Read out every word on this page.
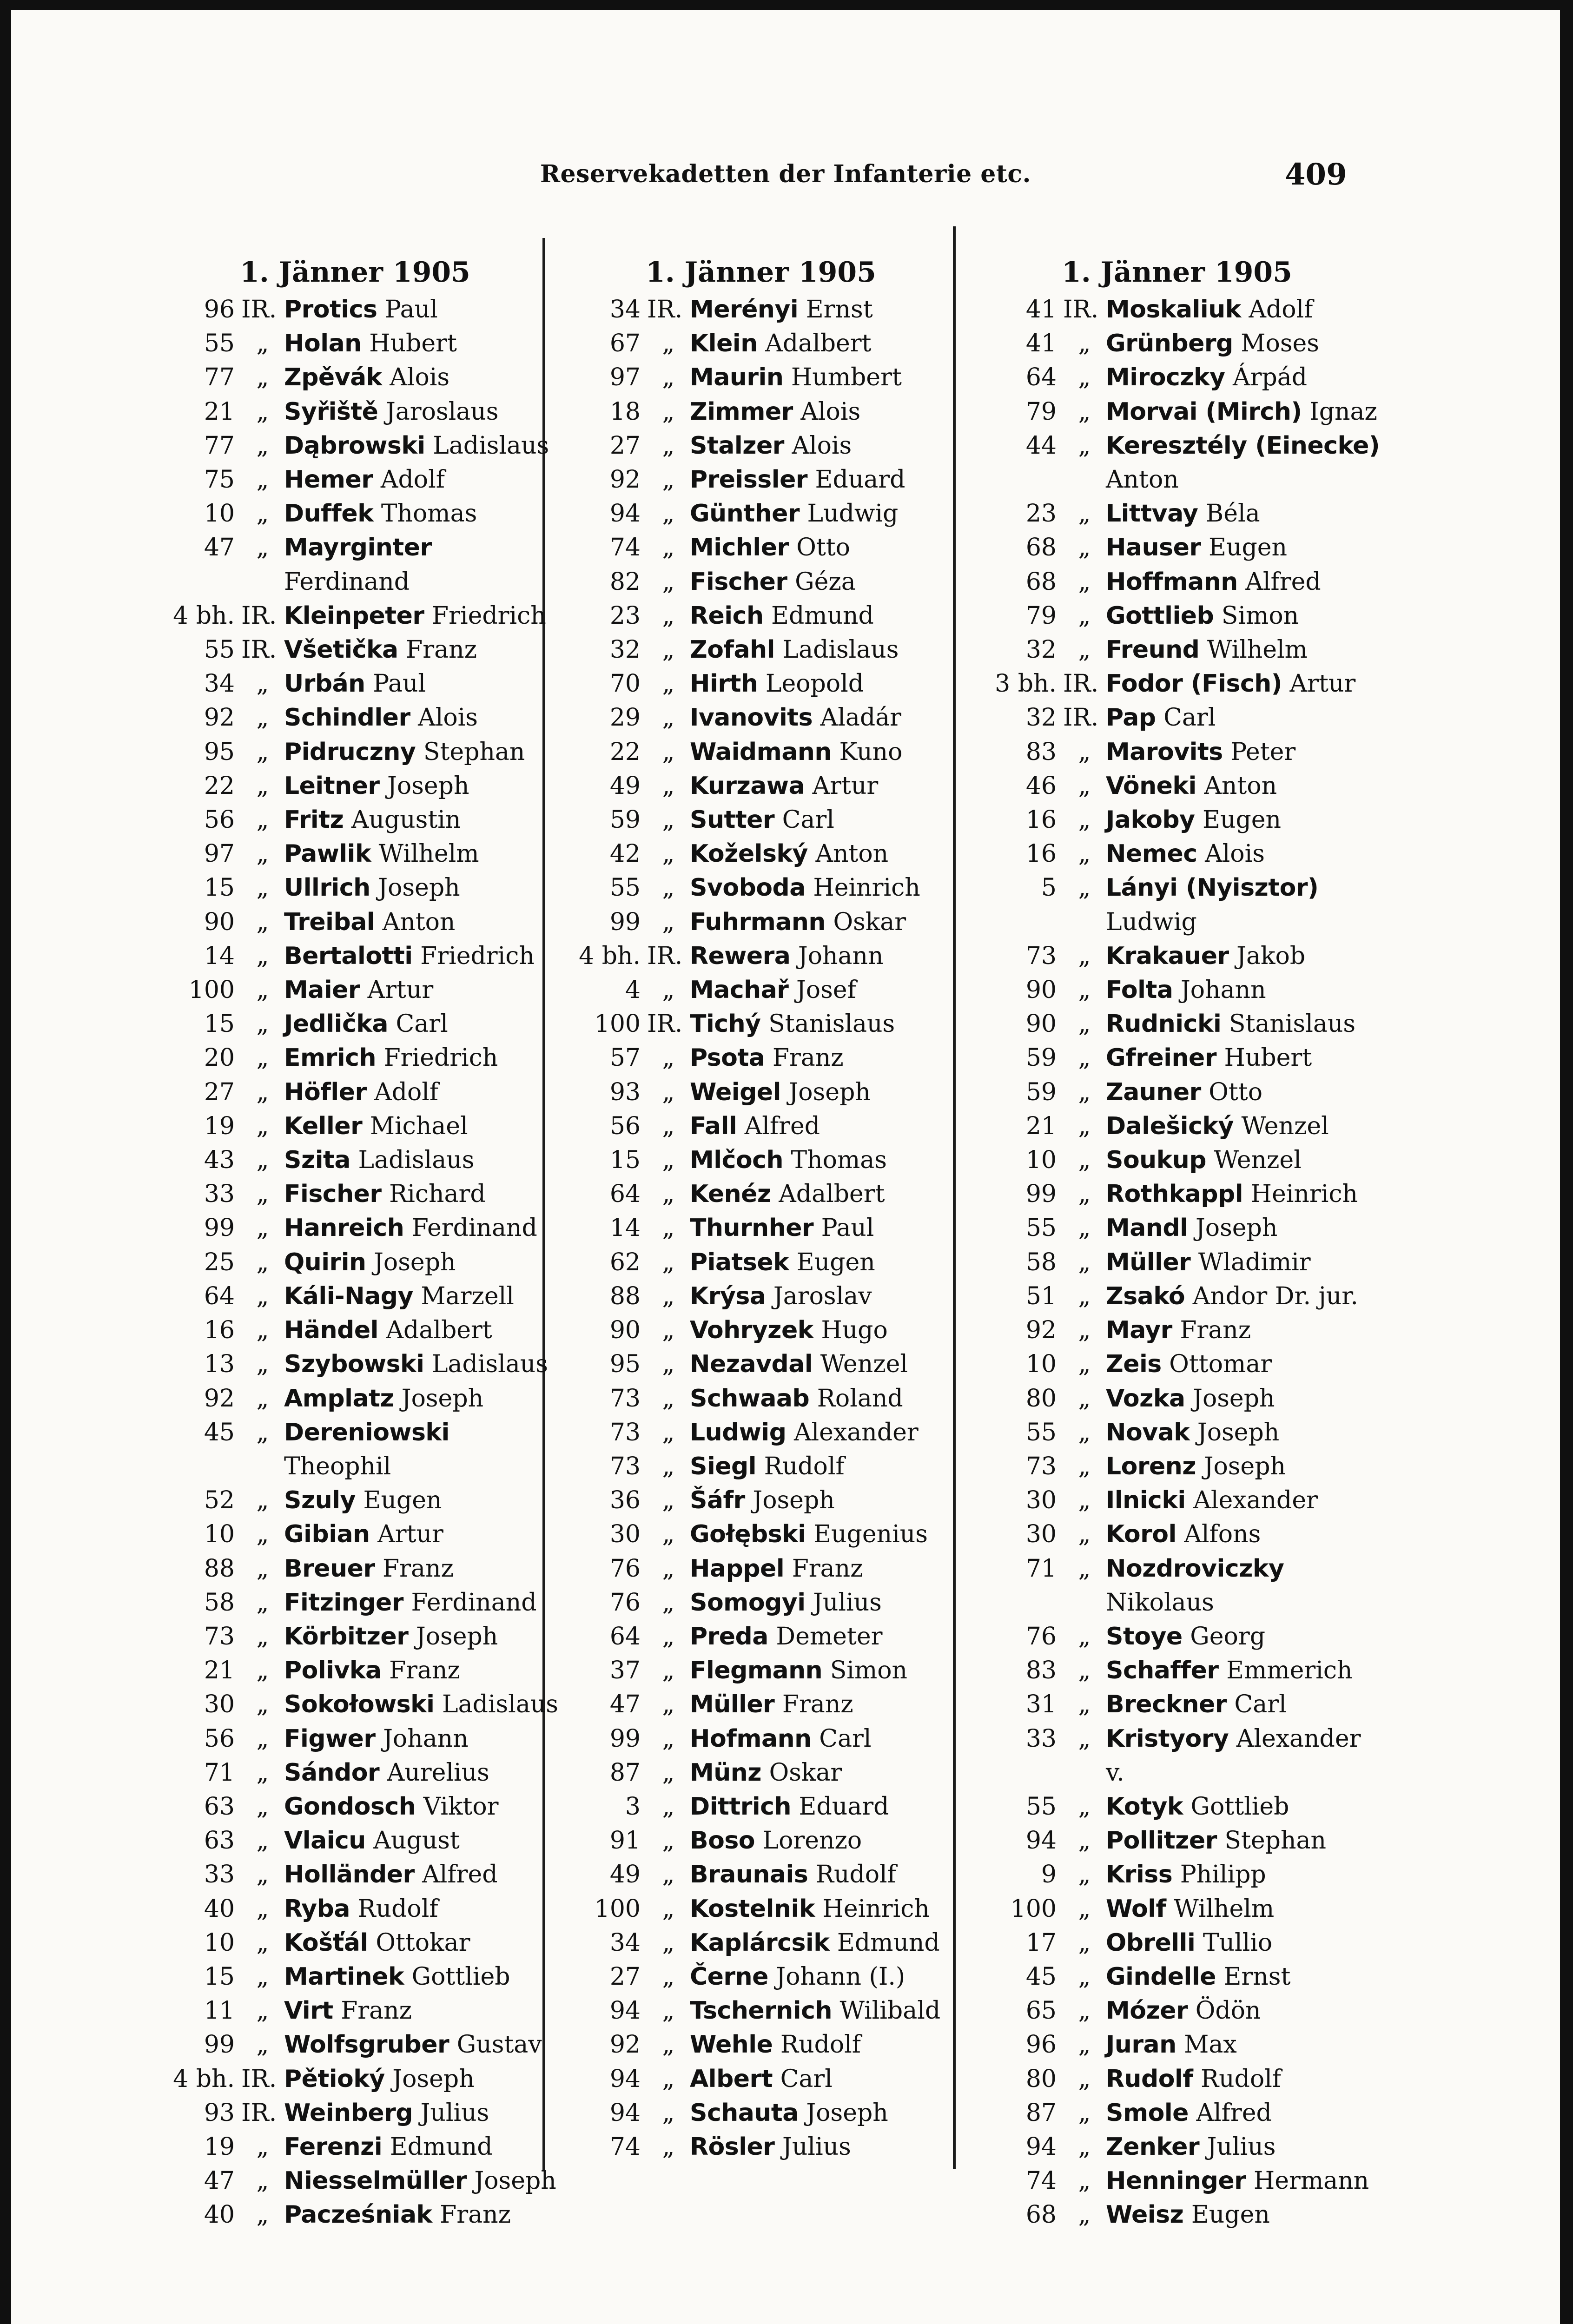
Reservekadetten der Infanterie etc.	409
1. Jänner 1905
96 IR. Protics Paul
55 „ Holan Hubert
77 „ Zpěvák Alois
21 „ Syřiště Jaroslaus
77 „ Dąbrowski Ladislaus
75 „ Hemer Adolf
10 „ Duffek Thomas
47 „ Mayrginter Ferdinand
4 bh. IR. Kleinpeter Friedrich
55 IR. Všetička Franz
34 „ Urbán Paul
92 „ Schindler Alois
95 „ Pidruczny Stephan
22 „ Leitner Joseph
56 „ Fritz Augustin
97 „ Pawlik Wilhelm
15 „ Ullrich Joseph
90 „ Treibal Anton
14 „ Bertalotti Friedrich
100 „ Maier Artur
15 „ Jedlička Carl
20 „ Emrich Friedrich
27 „ Höfler Adolf
19 „ Keller Michael
43 „ Szita Ladislaus
33 „ Fischer Richard
99 „ Hanreich Ferdinand
25 „ Quirin Joseph
64 „ Káli-Nagy Marzell
16 „ Händel Adalbert
13 „ Szybowski Ladislaus
92 „ Amplatz Joseph
45 „ Dereniowski Theophil
52 „ Szuly Eugen
10 „ Gibian Artur
88 „ Breuer Franz
58 „ Fitzinger Ferdinand
73 „ Körbitzer Joseph
21 „ Polivka Franz
30 „ Sokołowski Ladislaus
56 „ Figwer Johann
71 „ Sándor Aurelius
63 „ Gondosch Viktor
63 „ Vlaicu August
33 „ Holländer Alfred
40 „ Ryba Rudolf
10 „ Košťál Ottokar
15 „ Martinek Gottlieb
11 „ Virt Franz
99 „ Wolfsgruber Gustav
4 bh. IR. Pětioký Joseph
93 IR. Weinberg Julius
19 „ Ferenzi Edmund
47 „ Niesselmüller Joseph
40 „ Pacześniak Franz
1. Jänner 1905
34 IR. Merényi Ernst
67 „ Klein Adalbert
97 „ Maurin Humbert
18 „ Zimmer Alois
27 „ Stalzer Alois
92 „ Preissler Eduard
94 „ Günther Ludwig
74 „ Michler Otto
82 „ Fischer Géza
23 „ Reich Edmund
32 „ Zofahl Ladislaus
70 „ Hirth Leopold
29 „ Ivanovits Aladár
22 „ Waidmann Kuno
49 „ Kurzawa Artur
59 „ Sutter Carl
42 „ Koželský Anton
55 „ Svoboda Heinrich
99 „ Fuhrmann Oskar
4 bh. IR. Rewera Johann
4 „ Machař Josef
100 IR. Tichý Stanislaus
57 „ Psota Franz
93 „ Weigel Joseph
56 „ Fall Alfred
15 „ Mlčoch Thomas
64 „ Kenéz Adalbert
14 „ Thurnher Paul
62 „ Piatsek Eugen
88 „ Krýsa Jaroslav
90 „ Vohryzek Hugo
95 „ Nezavdal Wenzel
73 „ Schwaab Roland
73 „ Ludwig Alexander
73 „ Siegl Rudolf
36 „ Šáfr Joseph
30 „ Gołębski Eugenius
76 „ Happel Franz
76 „ Somogyi Julius
64 „ Preda Demeter
37 „ Flegmann Simon
47 „ Müller Franz
99 „ Hofmann Carl
87 „ Münz Oskar
3 „ Dittrich Eduard
91 „ Boso Lorenzo
49 „ Braunais Rudolf
100 „ Kostelnik Heinrich
34 „ Kaplárcsik Edmund
27 „ Černe Johann (I.)
94 „ Tschernich Wilibald
92 „ Wehle Rudolf
94 „ Albert Carl
94 „ Schauta Joseph
74 „ Rösler Julius
1. Jänner 1905
41 IR. Moskaliuk Adolf
41 „ Grünberg Moses
64 „ Miroczky Árpád
79 „ Morvai (Mirch) Ignaz
44 „ Keresztély (Einecke) Anton
23 „ Littvay Béla
68 „ Hauser Eugen
68 „ Hoffmann Alfred
79 „ Gottlieb Simon
32 „ Freund Wilhelm
3 bh. IR. Fodor (Fisch) Artur
32 IR. Pap Carl
83 „ Marovits Peter
46 „ Vöneki Anton
16 „ Jakoby Eugen
16 „ Nemec Alois
5 „ Lányi (Nyisztor) Ludwig
73 „ Krakauer Jakob
90 „ Folta Johann
90 „ Rudnicki Stanislaus
59 „ Gfreiner Hubert
59 „ Zauner Otto
21 „ Dalešický Wenzel
10 „ Soukup Wenzel
99 „ Rothkappl Heinrich
55 „ Mandl Joseph
58 „ Müller Wladimir
51 „ Zsakó Andor Dr. jur.
92 „ Mayr Franz
10 „ Zeis Ottomar
80 „ Vozka Joseph
55 „ Novak Joseph
73 „ Lorenz Joseph
30 „ Ilnicki Alexander
30 „ Korol Alfons
71 „ Nozdroviczky Nikolaus
76 „ Stoye Georg
83 „ Schaffer Emmerich
31 „ Breckner Carl
33 „ Kristyory Alexander v.
55 „ Kotyk Gottlieb
94 „ Pollitzer Stephan
9 „ Kriss Philipp
100 „ Wolf Wilhelm
17 „ Obrelli Tullio
45 „ Gindelle Ernst
65 „ Mózer Ödön
96 „ Juran Max
80 „ Rudolf Rudolf
87 „ Smole Alfred
94 „ Zenker Julius
74 „ Henninger Hermann
68 „ Weisz Eugen
